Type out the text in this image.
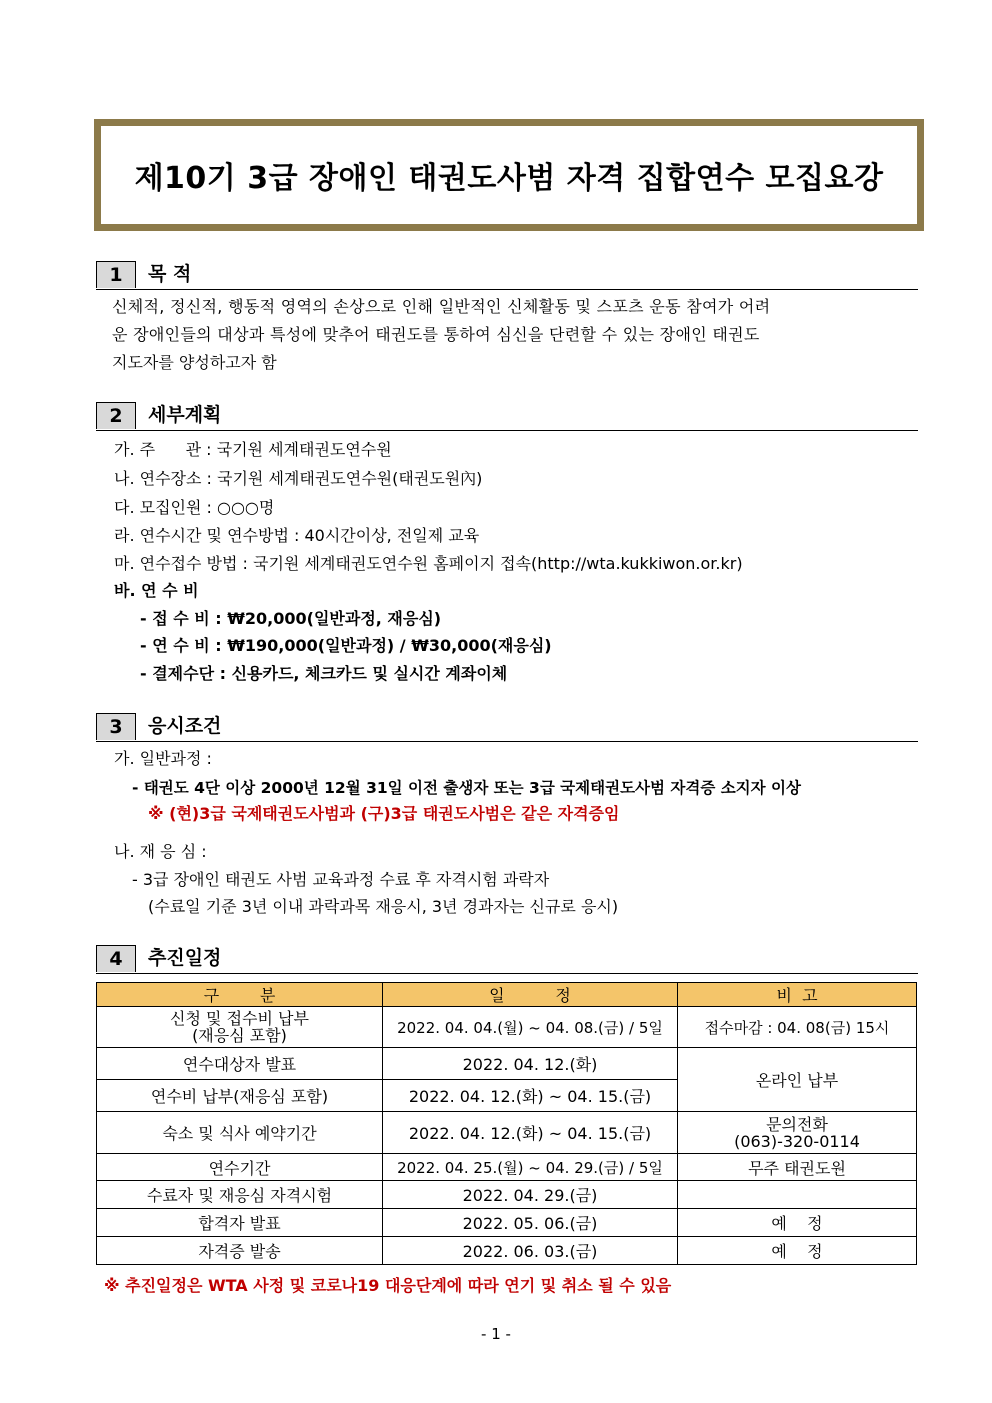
제10기 3급 장애인 태권도사범 자격 집합연수 모집요강
1	목 적
신체적, 정신적, 행동적 영역의 손상으로 인해 일반적인 신체활동 및 스포츠 운동 참여가 어려
운 장애인들의 대상과 특성에 맞추어 태권도를 통하여 심신을 단련할 수 있는 장애인 태권도
지도자를 양성하고자 함
2	세부계획
가. 주      관 : 국기원 세계태권도연수원
나. 연수장소 : 국기원 세계태권도연수원(태권도원內)
다. 모집인원 : ○○○명
라. 연수시간 및 연수방법 : 40시간이상, 전일제 교육
마. 연수접수 방법 : 국기원 세계태권도연수원 홈페이지 접속(http://wta.kukkiwon.or.kr)
바. 연 수 비
- 접 수 비 : ₩20,000(일반과정, 재응심)
- 연 수 비 : ₩190,000(일반과정) / ₩30,000(재응심)
- 결제수단 : 신용카드, 체크카드 및 실시간 계좌이체
3	응시조건
가. 일반과정 :
- 태권도 4단 이상 2000년 12월 31일 이전 출생자 또는 3급 국제태권도사범 자격증 소지자 이상
※ (현)3급 국제태권도사범과 (구)3급 태권도사범은 같은 자격증임
나. 재 응 심 :
- 3급 장애인 태권도 사범 교육과정 수료 후 자격시험 과락자
(수료일 기준 3년 이내 과락과목 재응시, 3년 경과자는 신규로 응시)
4	추진일정
구        분	일          정	비  고

신청 및 접수비 납부
(재응심 포함)	2022. 04. 04.(월) ~ 04. 08.(금) / 5일	접수마감 : 04. 08(금) 15시
연수대상자 발표	2022. 04. 12.(화)	온라인 납부
연수비 납부(재응심 포함)	2022. 04. 12.(화) ~ 04. 15.(금)	
숙소 및 식사 예약기간	2022. 04. 12.(화) ~ 04. 15.(금)	문의전화
(063)-320-0114

연수기간	2022. 04. 25.(월) ~ 04. 29.(금) / 5일	무주 태권도원
수료자 및 재응심 자격시험	2022. 04. 29.(금)	
합격자 발표	2022. 05. 06.(금)	예    정
자격증 발송	2022. 06. 03.(금)	예    정
※ 추진일정은 WTA 사정 및 코로나19 대응단계에 따라 연기 및 취소 될 수 있음
- 1 -
